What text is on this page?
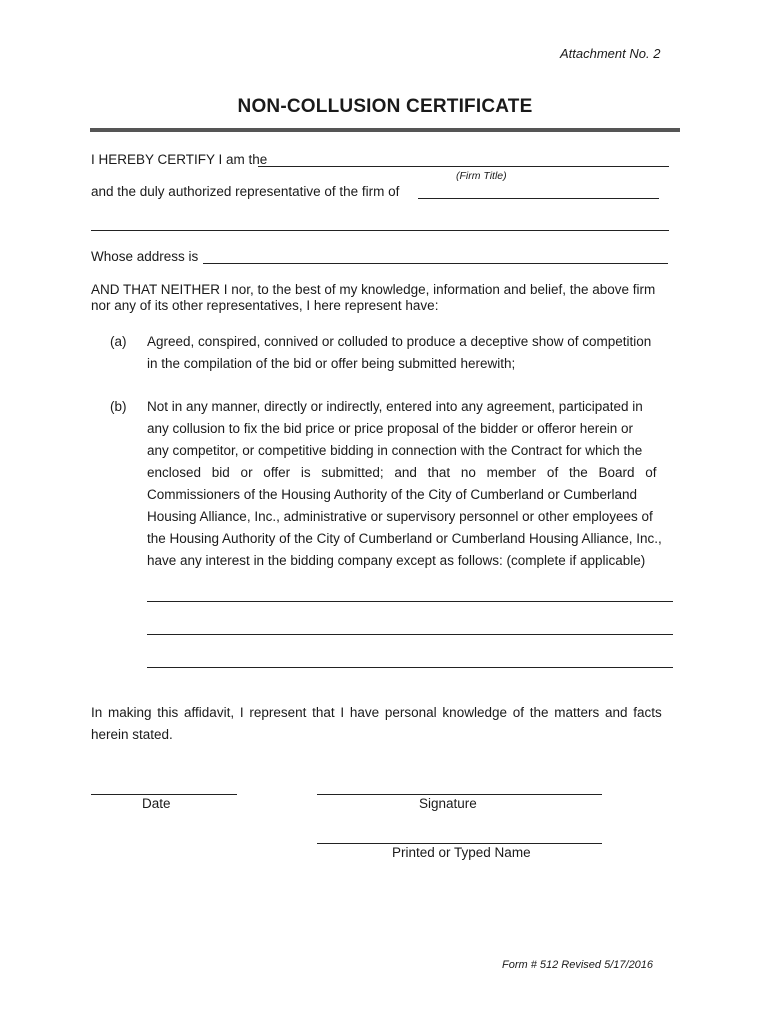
Attachment No. 2
NON-COLLUSION CERTIFICATE
I HEREBY CERTIFY I am the
(Firm Title)
and the duly authorized representative of the firm of
Whose address is
AND THAT NEITHER I nor, to the best of my knowledge, information and belief, the above firm
nor any of its other representatives, I here represent have:
(a) Agreed, conspired, connived or colluded to produce a deceptive show of competition
in the compilation of the bid or offer being submitted herewith;
(b) Not in any manner, directly or indirectly, entered into any agreement, participated in
any collusion to fix the bid price or price proposal of the bidder or offeror herein or
any competitor, or competitive bidding in connection with the Contract for which the
enclosed bid or offer is submitted; and that no member of the Board of
Commissioners of the Housing Authority of the City of Cumberland or Cumberland
Housing Alliance, Inc., administrative or supervisory personnel or other employees of
the Housing Authority of the City of Cumberland or Cumberland Housing Alliance, Inc.,
have any interest in the bidding company except as follows: (complete if applicable)
In making this affidavit, I represent that I have personal knowledge of the matters and facts
herein stated.
Date	Signature
Printed or Typed Name
Form # 512 Revised 5/17/2016
